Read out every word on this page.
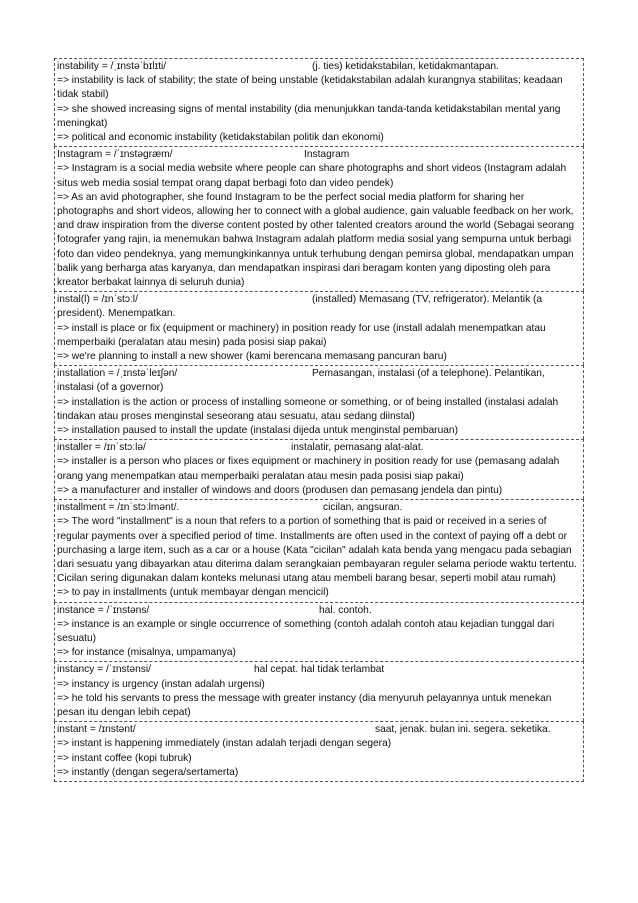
instability = /ˌɪnstəˈbɪlɪti/	(j. ties) ketidakstabilan, ketidakmantapan.
=> instability is lack of stability; the state of being unstable (ketidakstabilan adalah kurangnya stabilitas; keadaan tidak stabil)
=> she showed increasing signs of mental instability (dia menunjukkan tanda-tanda ketidakstabilan mental yang meningkat)
=> political and economic instability (ketidakstabilan politik dan ekonomi)
Instagram = /ˈɪnstəɡræm/	Instagram
=> Instagram is a social media website where people can share photographs and short videos (Instagram adalah situs web media sosial tempat orang dapat berbagi foto dan video pendek)
=> As an avid photographer, she found Instagram to be the perfect social media platform for sharing her photographs and short videos, allowing her to connect with a global audience, gain valuable feedback on her work, and draw inspiration from the diverse content posted by other talented creators around the world (Sebagai seorang fotografer yang rajin, ia menemukan bahwa Instagram adalah platform media sosial yang sempurna untuk berbagi foto dan video pendeknya, yang memungkinkannya untuk terhubung dengan pemirsa global, mendapatkan umpan balik yang berharga atas karyanya, dan mendapatkan inspirasi dari beragam konten yang diposting oleh para kreator berbakat lainnya di seluruh dunia)
instal(l) = /ɪnˈstɔːl/	(installed) Memasang (TV, refrigerator). Melantik (a president). Menempatkan.
=> install is place or fix (equipment or machinery) in position ready for use (install adalah menempatkan atau memperbaiki (peralatan atau mesin) pada posisi siap pakai)
=> we're planning to install a new shower (kami berencana memasang pancuran baru)
installation = /ˌɪnstəˈleɪʃən/	Pemasangan, instalasi (of a telephone). Pelantikan, instalasi (of a governor)
=> installation is the action or process of installing someone or something, or of being installed (instalasi adalah tindakan atau proses menginstal seseorang atau sesuatu, atau sedang diinstal)
=> installation paused to install the update (instalasi dijeda untuk menginstal pembaruan)
installer = /ɪnˈstɔːlə/	instalatir, pemasang alat-alat.
=> installer is a person who places or fixes equipment or machinery in position ready for use (pemasang adalah orang yang menempatkan atau memperbaiki peralatan atau mesin pada posisi siap pakai)
=> a manufacturer and installer of windows and doors (produsen dan pemasang jendela dan pintu)
installment = /ɪnˈstɔːlmənt/.	cicilan, angsuran.
=> The word "installment" is a noun that refers to a portion of something that is paid or received in a series of regular payments over a specified period of time. Installments are often used in the context of paying off a debt or purchasing a large item, such as a car or a house (Kata "cicilan" adalah kata benda yang mengacu pada sebagian dari sesuatu yang dibayarkan atau diterima dalam serangkaian pembayaran reguler selama periode waktu tertentu. Cicilan sering digunakan dalam konteks melunasi utang atau membeli barang besar, seperti mobil atau rumah)
=> to pay in installments (untuk membayar dengan mencicil)
instance = /ˈɪnstəns/	hal. contoh.
=> instance is an example or single occurrence of something (contoh adalah contoh atau kejadian tunggal dari sesuatu)
=> for instance (misalnya, umpamanya)
instancy = /ˈɪnstənsi/	hal cepat. hal tidak terlambat
=> instancy is urgency (instan adalah urgensi)
=> he told his servants to press the message with greater instancy (dia menyuruh pelayannya untuk menekan pesan itu dengan lebih cepat)
instant = /ɪnstənt/	saat, jenak. bulan ini. segera. seketika.
=> instant is happening immediately (instan adalah terjadi dengan segera)
=> instant coffee (kopi tubruk)
=> instantly (dengan segera/sertamerta)
